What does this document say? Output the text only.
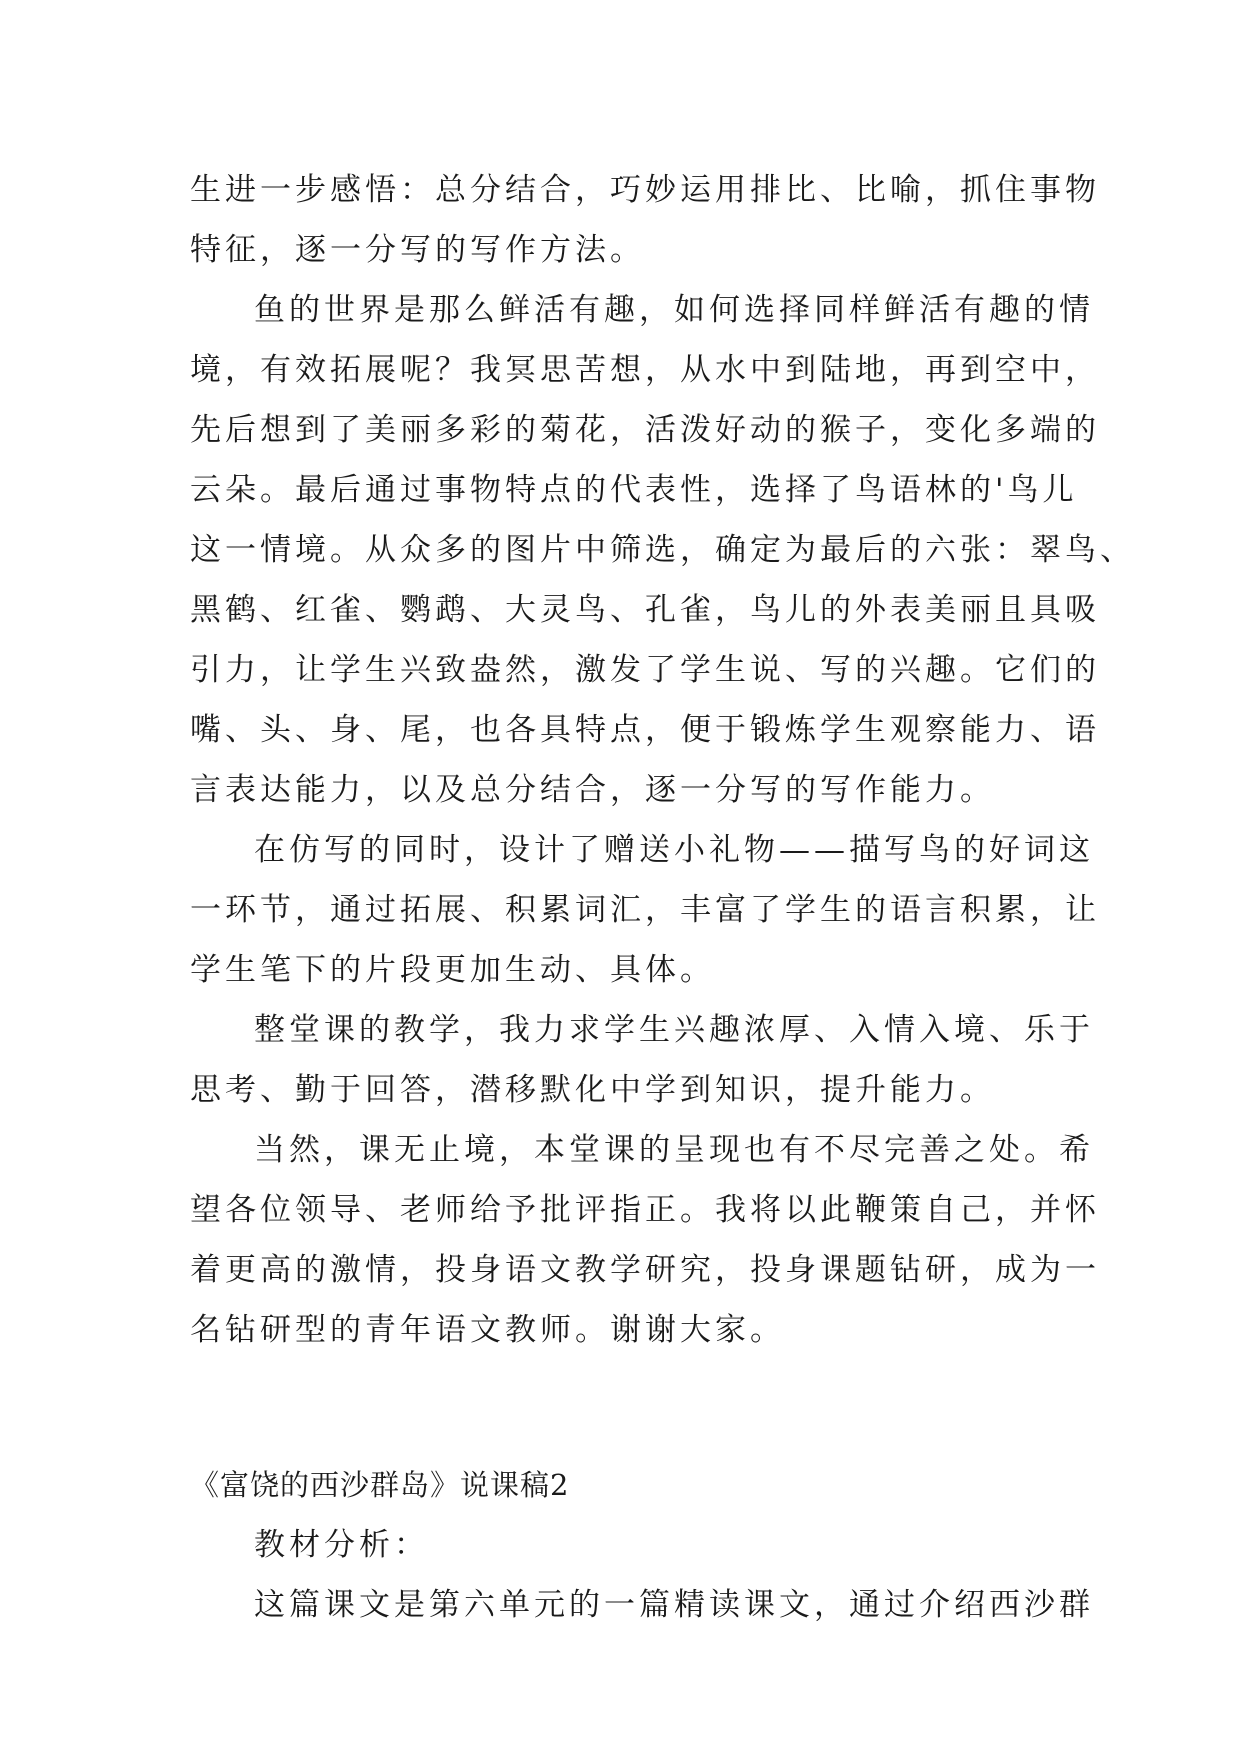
生进一步感悟：总分结合，巧妙运用排比、比喻，抓住事物
特征，逐一分写的写作方法。
鱼的世界是那么鲜活有趣，如何选择同样鲜活有趣的情
境，有效拓展呢？我冥思苦想，从水中到陆地，再到空中，
先后想到了美丽多彩的菊花，活泼好动的猴子，变化多端的
云朵。最后通过事物特点的代表性，选择了鸟语林的'鸟儿
这一情境。从众多的图片中筛选，确定为最后的六张：翠鸟、
黑鹤、红雀、鹦鹉、大灵鸟、孔雀，鸟儿的外表美丽且具吸
引力，让学生兴致盎然，激发了学生说、写的兴趣。它们的
嘴、头、身、尾，也各具特点，便于锻炼学生观察能力、语
言表达能力，以及总分结合，逐一分写的写作能力。
在仿写的同时，设计了赠送小礼物——描写鸟的好词这
一环节，通过拓展、积累词汇，丰富了学生的语言积累，让
学生笔下的片段更加生动、具体。
整堂课的教学，我力求学生兴趣浓厚、入情入境、乐于
思考、勤于回答，潜移默化中学到知识，提升能力。
当然，课无止境，本堂课的呈现也有不尽完善之处。希
望各位领导、老师给予批评指正。我将以此鞭策自己，并怀
着更高的激情，投身语文教学研究，投身课题钻研，成为一
名钻研型的青年语文教师。谢谢大家。
《富饶的西沙群岛》说课稿2
教材分析：
这篇课文是第六单元的一篇精读课文，通过介绍西沙群
